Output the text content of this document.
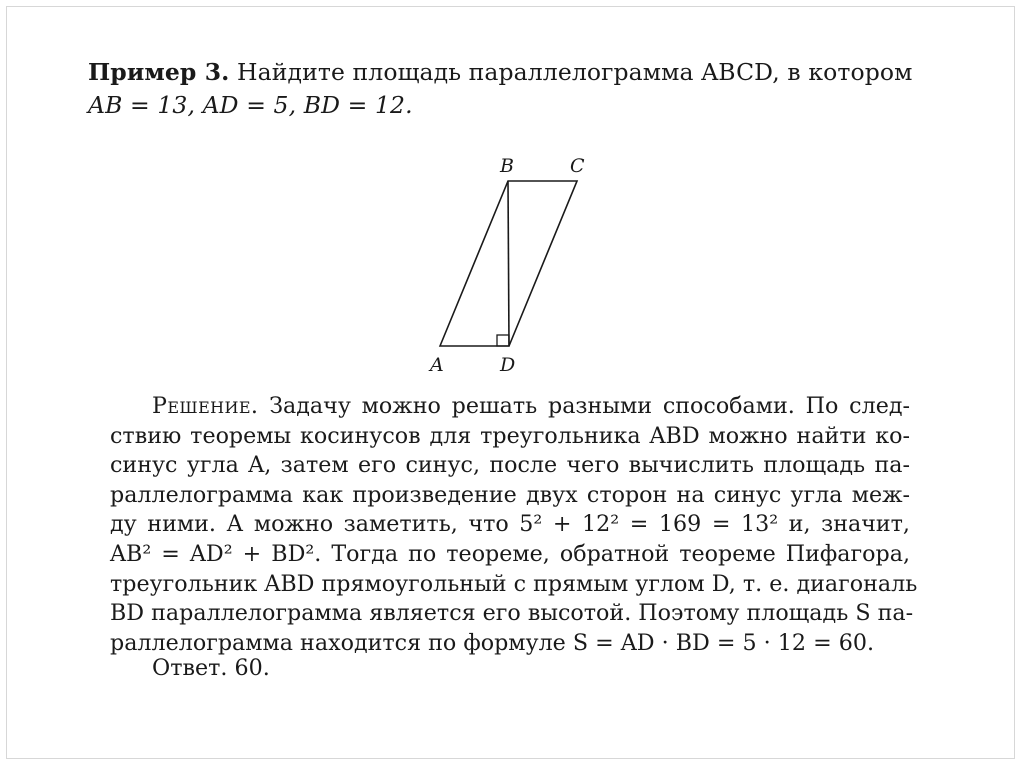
Пример 3. Найдите площадь параллелограмма ABCD, в котором
AB = 13, AD = 5, BD = 12.
A
B	C
D
Решение. Задачу можно решать разными способами. По след-
ствию теоремы косинусов для треугольника ABD можно найти ко-
синус угла A, затем его синус, после чего вычислить площадь па-
раллелограмма как произведение двух сторон на синус угла меж-
ду ними. А можно заметить, что 5² + 12² = 169 = 13² и, значит,
AB² = AD² + BD². Тогда по теореме, обратной теореме Пифагора,
треугольник ABD прямоугольный с прямым углом D, т. е. диагональ
BD параллелограмма является его высотой. Поэтому площадь S па-
раллелограмма находится по формуле S = AD · BD = 5 · 12 = 60.
Ответ. 60.
